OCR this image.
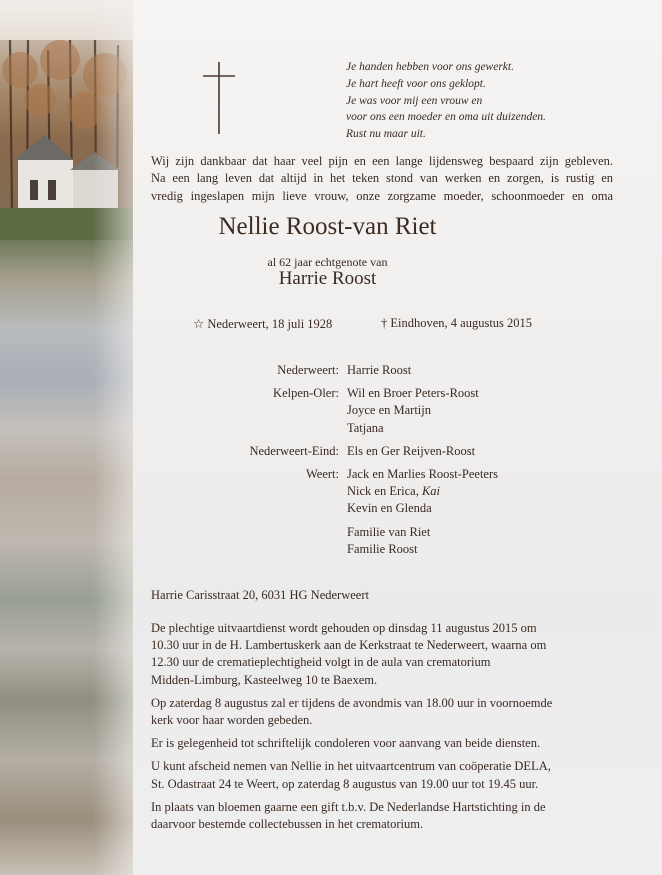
Je handen hebben voor ons gewerkt.
Je hart heeft voor ons geklopt.
Je was voor mij een vrouw en
voor ons een moeder en oma uit duizenden.
Rust nu maar uit.
Wij zijn dankbaar dat haar veel pijn en een lange lijdensweg bespaard zijn gebleven.
Na een lang leven dat altijd in het teken stond van werken en zorgen, is rustig en
vredig ingeslapen mijn lieve vrouw, onze zorgzame moeder, schoonmoeder en oma
Nellie Roost-van Riet
al 62 jaar echtgenote van
Harrie Roost
☆ Nederweert, 18 juli 1928	† Eindhoven, 4 augustus 2015
Nederweert: Harrie Roost
Kelpen-Oler: Wil en Broer Peters-Roost
Joyce en Martijn
Tatjana
Nederweert-Eind: Els en Ger Reijven-Roost
Weert: Jack en Marlies Roost-Peeters
Nick en Erica, Kai
Kevin en Glenda
Familie van Riet
Familie Roost
Harrie Carisstraat 20, 6031 HG Nederweert

De plechtige uitvaartdienst wordt gehouden op dinsdag 11 augustus 2015 om
10.30 uur in de H. Lambertuskerk aan de Kerkstraat te Nederweert, waarna om
12.30 uur de crematieplechtigheid volgt in de aula van crematorium
Midden-Limburg, Kasteelweg 10 te Baexem.

Op zaterdag 8 augustus zal er tijdens de avondmis van 18.00 uur in voornoemde
kerk voor haar worden gebeden.

Er is gelegenheid tot schriftelijk condoleren voor aanvang van beide diensten.

U kunt afscheid nemen van Nellie in het uitvaartcentrum van coöperatie DELA,
St. Odastraat 24 te Weert, op zaterdag 8 augustus van 19.00 uur tot 19.45 uur.

In plaats van bloemen gaarne een gift t.b.v. De Nederlandse Hartstichting in de
daarvoor bestemde collectebussen in het crematorium.
